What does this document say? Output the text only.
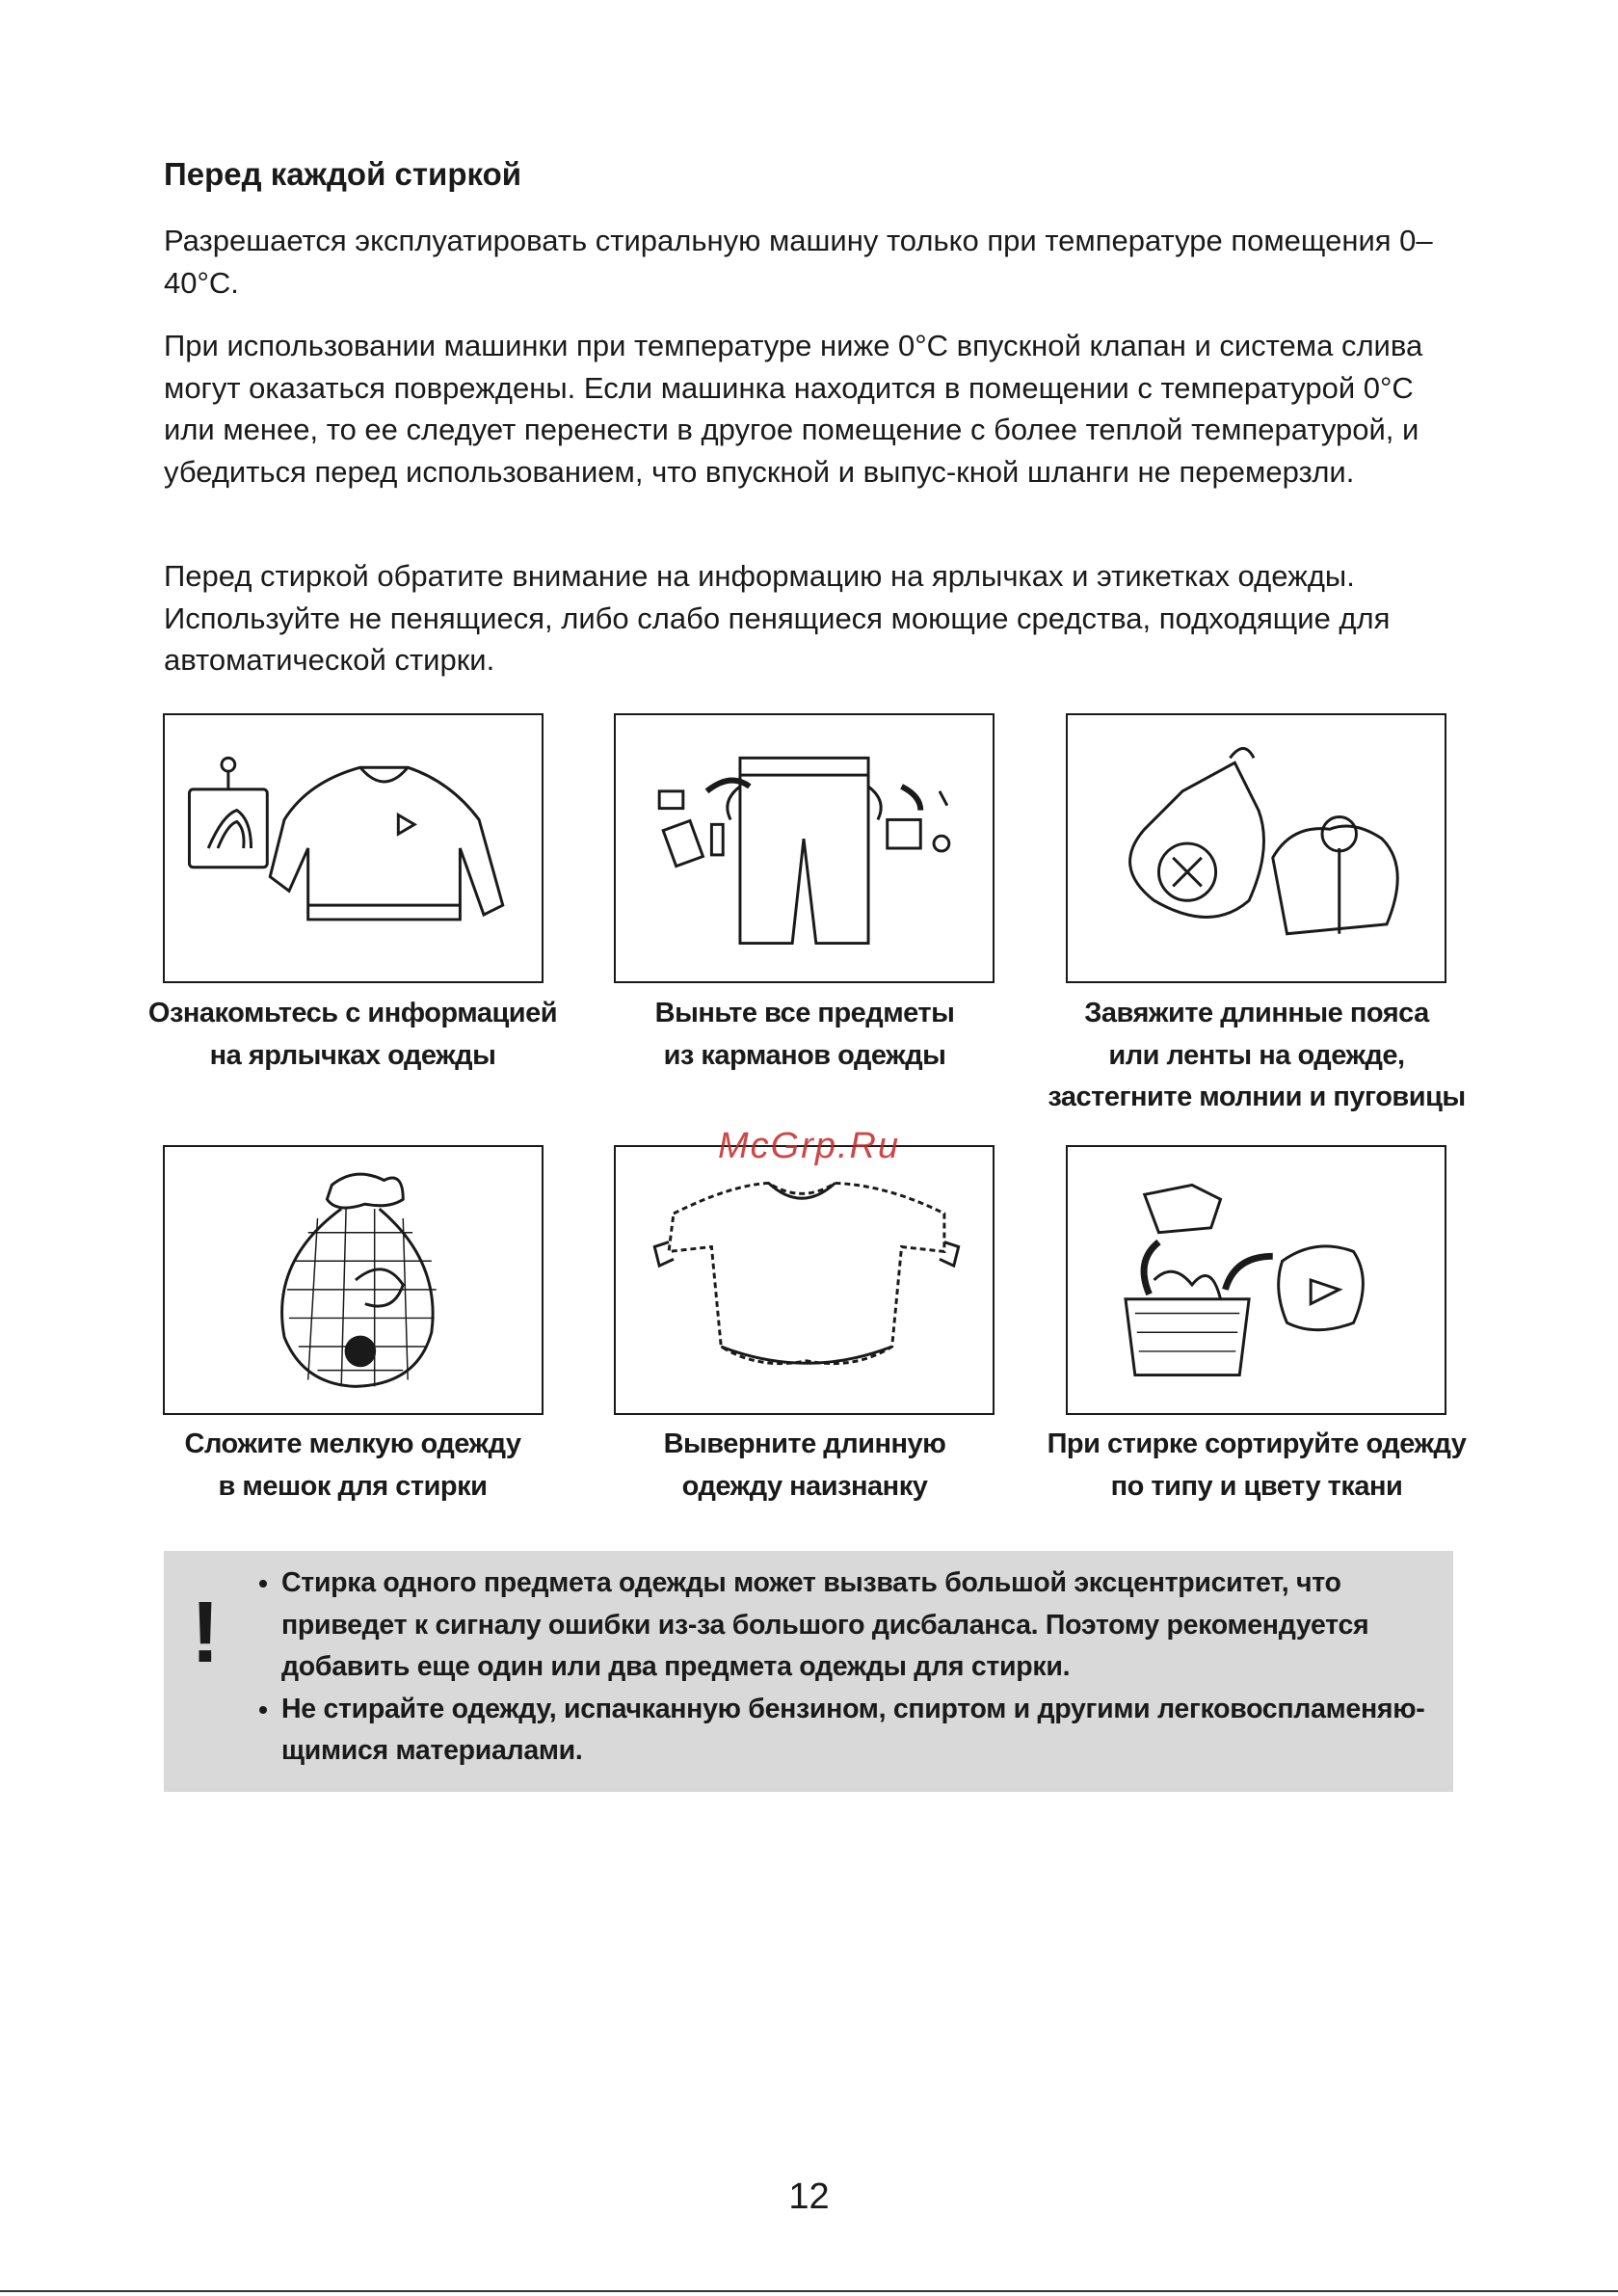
Перед каждой стиркой

Разрешается эксплуатировать стиральную машину только при температуре помещения 0–40°С.

При использовании машинки при температуре ниже 0°С впускной клапан и система слива могут оказаться повреждены. Если машинка находится в помещении с температурой 0°С или менее, то ее следует перенести в другое помещение с более теплой температурой, и убедиться перед использованием, что впускной и выпус-кной шланги не перемерзли.

Перед стиркой обратите внимание на информацию на ярлычках и этикетках одежды. Используйте не пенящиеся, либо слабо пенящиеся моющие средства, подходящие для автоматической стирки.

Ознакомьтесь с информацией
на ярлычках одежды
Выньте все предметы
из карманов одежды
Завяжите длинные пояса
или ленты на одежде,
застегните молнии и пуговицы
Сложите мелкую одежду
в мешок для стирки
Выверните длинную
одежду наизнанку
При стирке сортируйте одежду
по типу и цвету ткани
McGrp.Ru
!
• Стирка одного предмета одежды может вызвать большой эксцентриситет, что приведет к сигналу ошибки из-за большого дисбаланса. Поэтому рекомендуется добавить еще один или два предмета одежды для стирки.
• Не стирайте одежду, испачканную бензином, спиртом и другими легковоспламеняю-щимися материалами.
12
